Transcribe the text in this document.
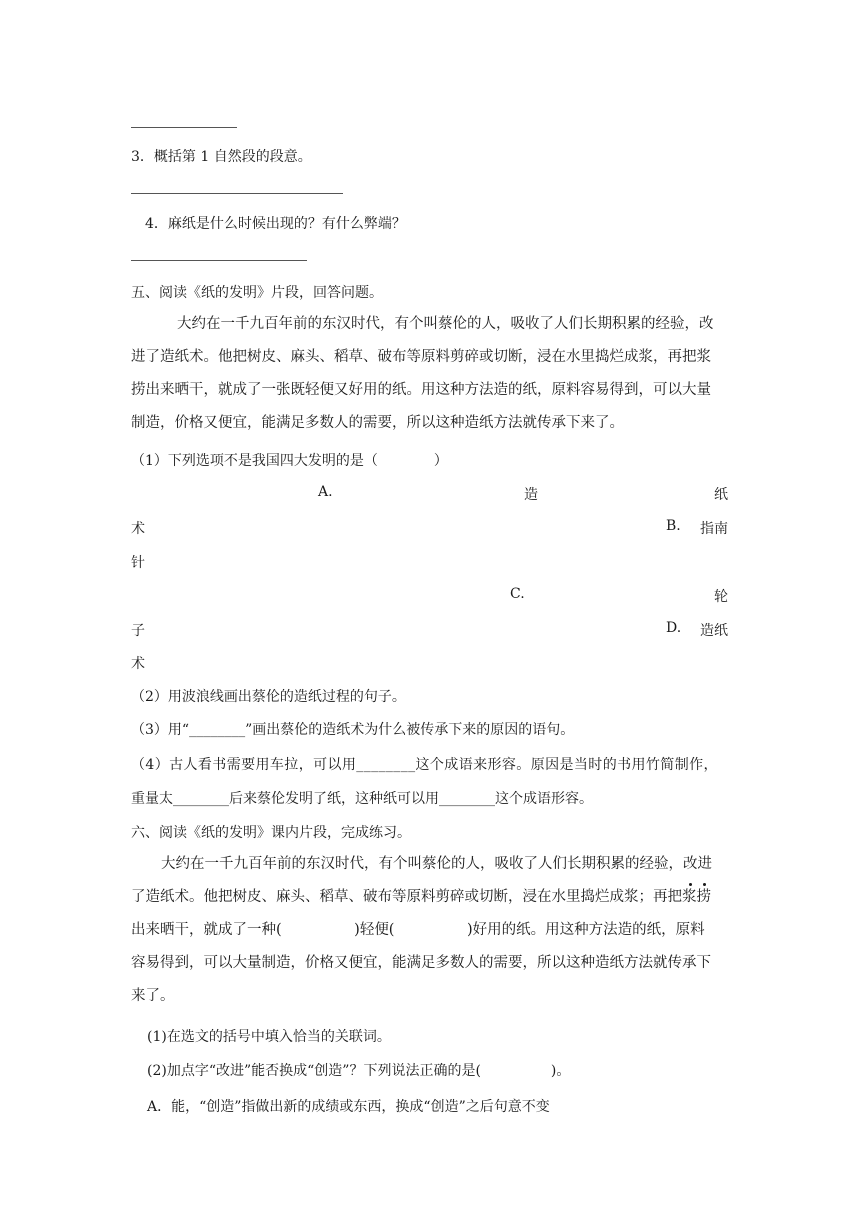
3．概括第 1 自然段的段意。
4．麻纸是什么时候出现的？有什么弊端？
五、阅读《纸的发明》片段，回答问题。
大约在一千九百年前的东汉时代，有个叫蔡伦的人，吸收了人们长期积累的经验，改
进了造纸术。他把树皮、麻头、稻草、破布等原料剪碎或切断，浸在水里捣烂成浆，再把浆
捞出来晒干，就成了一张既轻便又好用的纸。用这种方法造的纸，原料容易得到，可以大量
制造，价格又便宜，能满足多数人的需要，所以这种造纸方法就传承下来了。
（1）下列选项不是我国四大发明的是（　　　　）
A.	造	纸
术	B. 指南
针
C.	轮
子	D. 造纸
术
（2）用波浪线画出蔡伦的造纸过程的句子。
（3）用“________”画出蔡伦的造纸术为什么被传承下来的原因的语句。
（4）古人看书需要用车拉，可以用________这个成语来形容。原因是当时的书用竹简制作，
重量太________后来蔡伦发明了纸，这种纸可以用________这个成语形容。
六、阅读《纸的发明》课内片段，完成练习。
大约在一千九百年前的东汉时代，有个叫蔡伦的人，吸收了人们长期积累的经验，改进
了造纸术。他把树皮、麻头、稻草、破布等原料剪碎或切断，浸在水里捣烂成浆；再把浆捞
出来晒干，就成了一种(　　　　　)轻便(　　　　　)好用的纸。用这种方法造的纸，原料
容易得到，可以大量制造，价格又便宜，能满足多数人的需要，所以这种造纸方法就传承下
来了。
(1)在选文的括号中填入恰当的关联词。
(2)加点字“改进”能否换成“创造”？下列说法正确的是(　　　　　)。
A．能，“创造”指做出新的成绩或东西，换成“创造”之后句意不变
